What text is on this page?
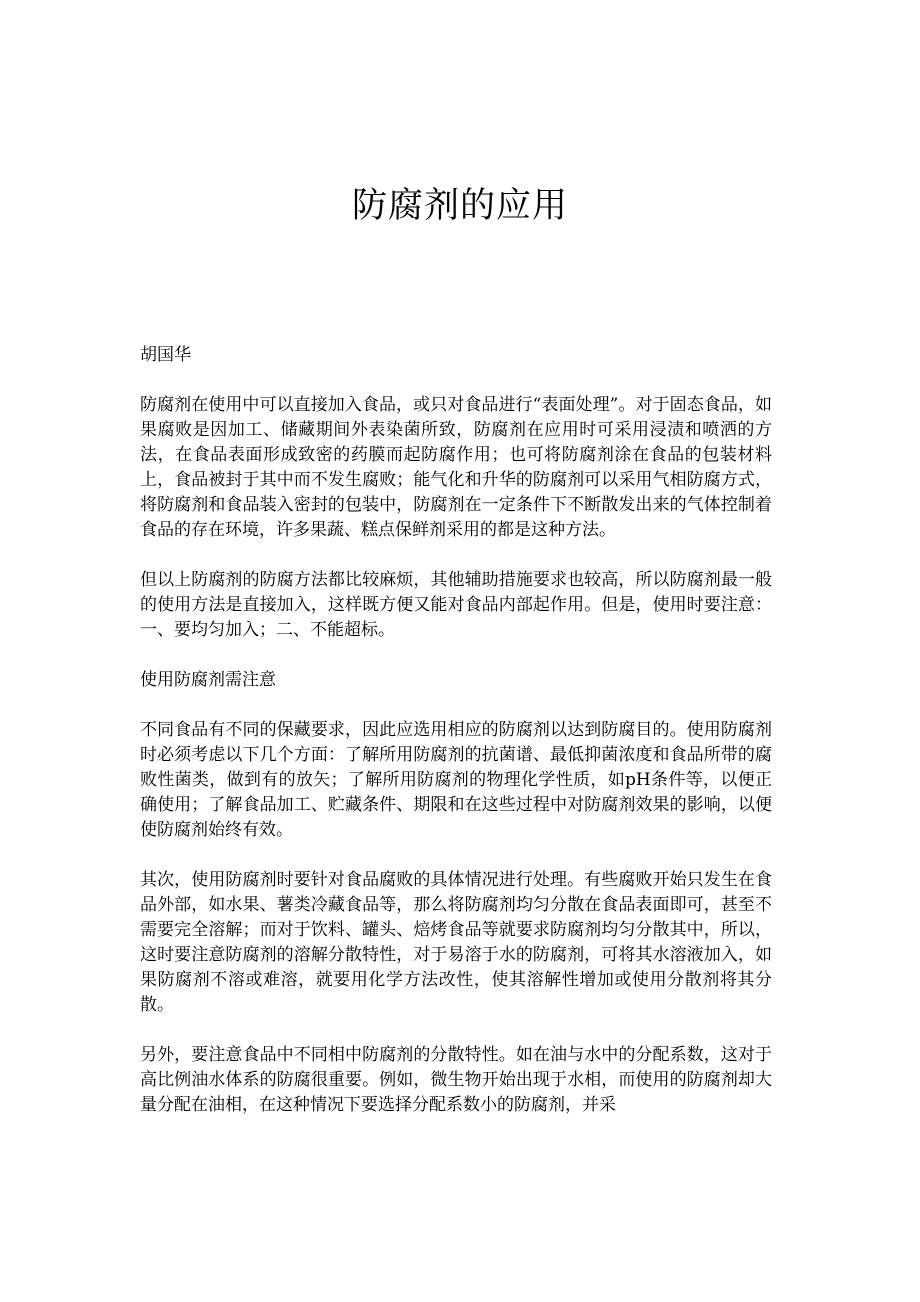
防腐剂的应用

胡国华

防腐剂在使用中可以直接加入食品，或只对食品进行“表面处理”。对于固态食品，如果腐败是因加工、储藏期间外表染菌所致，防腐剂在应用时可采用浸渍和喷洒的方法，在食品表面形成致密的药膜而起防腐作用；也可将防腐剂涂在食品的包装材料上，食品被封于其中而不发生腐败；能气化和升华的防腐剂可以采用气相防腐方式，将防腐剂和食品装入密封的包装中，防腐剂在一定条件下不断散发出来的气体控制着食品的存在环境，许多果蔬、糕点保鲜剂采用的都是这种方法。

但以上防腐剂的防腐方法都比较麻烦，其他辅助措施要求也较高，所以防腐剂最一般的使用方法是直接加入，这样既方便又能对食品内部起作用。但是，使用时要注意：一、要均匀加入；二、不能超标。

使用防腐剂需注意

不同食品有不同的保藏要求，因此应选用相应的防腐剂以达到防腐目的。使用防腐剂时必须考虑以下几个方面：了解所用防腐剂的抗菌谱、最低抑菌浓度和食品所带的腐败性菌类，做到有的放矢；了解所用防腐剂的物理化学性质，如pH条件等，以便正确使用；了解食品加工、贮藏条件、期限和在这些过程中对防腐剂效果的影响，以便使防腐剂始终有效。

其次，使用防腐剂时要针对食品腐败的具体情况进行处理。有些腐败开始只发生在食品外部，如水果、薯类冷藏食品等，那么将防腐剂均匀分散在食品表面即可，甚至不需要完全溶解；而对于饮料、罐头、焙烤食品等就要求防腐剂均匀分散其中，所以，这时要注意防腐剂的溶解分散特性，对于易溶于水的防腐剂，可将其水溶液加入，如果防腐剂不溶或难溶，就要用化学方法改性，使其溶解性增加或使用分散剂将其分散。

另外，要注意食品中不同相中防腐剂的分散特性。如在油与水中的分配系数，这对于高比例油水体系的防腐很重要。例如，微生物开始出现于水相，而使用的防腐剂却大量分配在油相，在这种情况下要选择分配系数小的防腐剂，并采
